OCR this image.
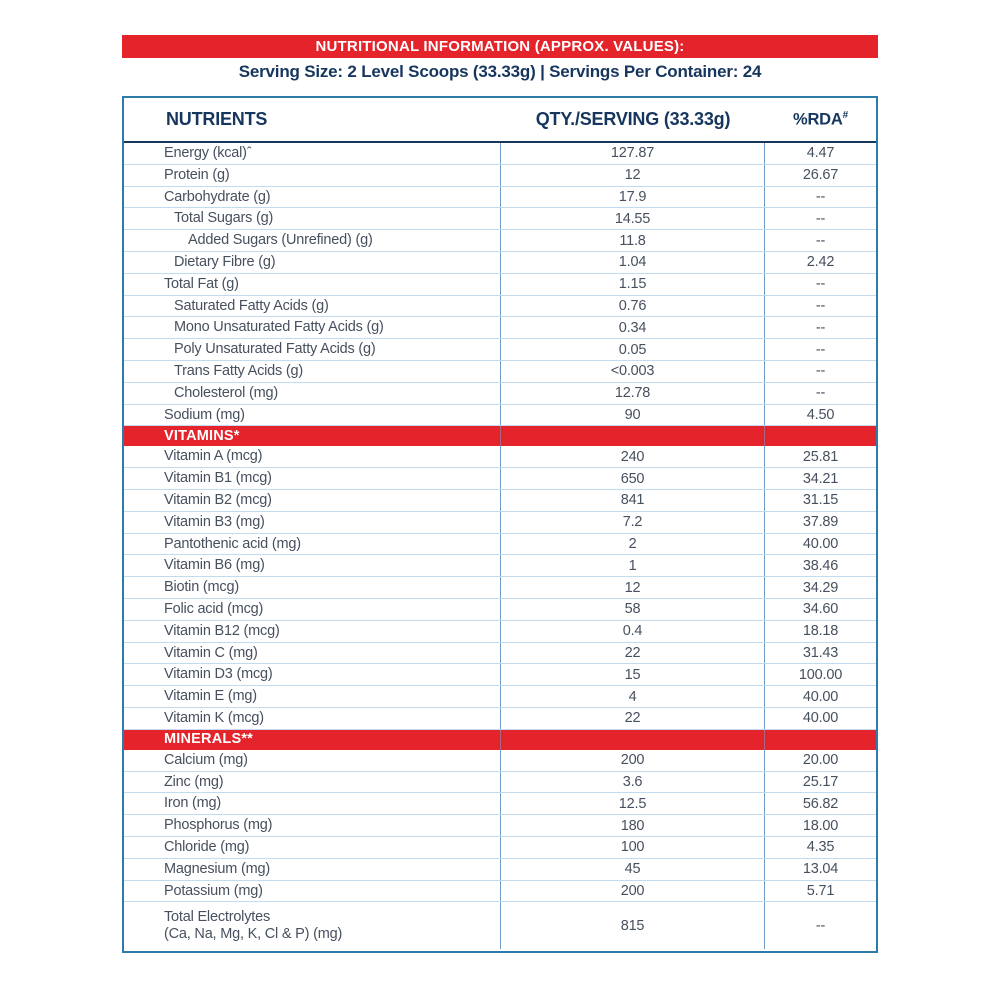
NUTRITIONAL INFORMATION (APPROX. VALUES):
Serving Size: 2 Level Scoops (33.33g) | Servings Per Container: 24
NUTRIENTS	QTY./SERVING (33.33g)	%RDA#
Energy (kcal)ˆ	127.87	4.47
Protein (g)	12	26.67
Carbohydrate (g)	17.9	--
Total Sugars (g)	14.55	--
Added Sugars (Unrefined) (g)	11.8	--
Dietary Fibre (g)	1.04	2.42
Total Fat (g)	1.15	--
Saturated Fatty Acids (g)	0.76	--
Mono Unsaturated Fatty Acids (g)	0.34	--
Poly Unsaturated Fatty Acids (g)	0.05	--
Trans Fatty Acids (g)	<0.003	--
Cholesterol (mg)	12.78	--
Sodium (mg)	90	4.50
VITAMINS*
Vitamin A (mcg)	240	25.81
Vitamin B1 (mcg)	650	34.21
Vitamin B2 (mcg)	841	31.15
Vitamin B3 (mg)	7.2	37.89
Pantothenic acid (mg)	2	40.00
Vitamin B6 (mg)	1	38.46
Biotin (mcg)	12	34.29
Folic acid (mcg)	58	34.60
Vitamin B12 (mcg)	0.4	18.18
Vitamin C (mg)	22	31.43
Vitamin D3 (mcg)	15	100.00
Vitamin E (mg)	4	40.00
Vitamin K (mcg)	22	40.00
MINERALS**
Calcium (mg)	200	20.00
Zinc (mg)	3.6	25.17
Iron (mg)	12.5	56.82
Phosphorus (mg)	180	18.00
Chloride (mg)	100	4.35
Magnesium (mg)	45	13.04
Potassium (mg)	200	5.71
Total Electrolytes
(Ca, Na, Mg, K, Cl & P) (mg)	815	--
